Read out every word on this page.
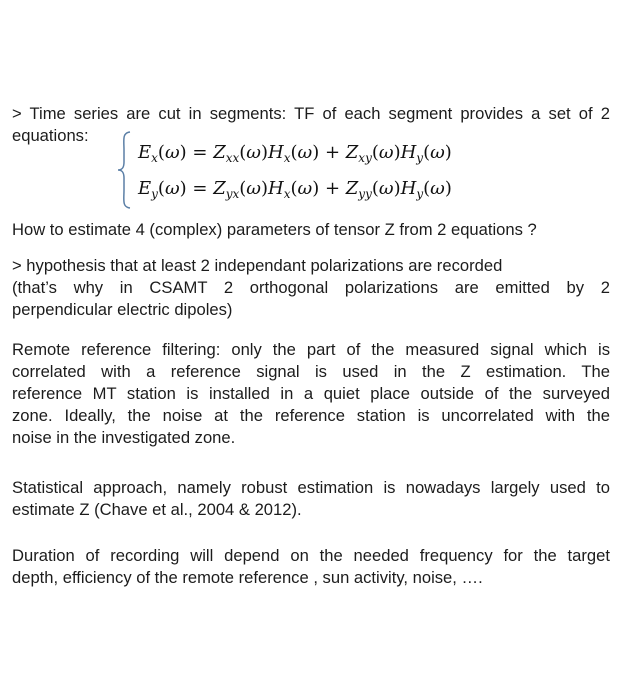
> Time series are cut in segments: TF of each segment provides a set of 2
equations:

$E_x(\omega) = Z_{xx}(\omega)H_x(\omega) + Z_{xy}(\omega)H_y(\omega)$
$E_y(\omega) = Z_{yx}(\omega)H_x(\omega) + Z_{yy}(\omega)H_y(\omega)$

How to estimate 4 (complex) parameters of tensor Z from 2 equations ?

> hypothesis that at least 2 independant polarizations are recorded
(that’s why in CSAMT 2 orthogonal polarizations are emitted by 2
perpendicular electric dipoles)

Remote reference filtering: only the part of the measured signal which is
correlated with a reference signal is used in the Z estimation. The
reference MT station is installed in a quiet place outside of the surveyed
zone. Ideally, the noise at the reference station is uncorrelated with the
noise in the investigated zone.

Statistical approach, namely robust estimation is nowadays largely used to
estimate Z (Chave et al., 2004 & 2012).

Duration of recording will depend on the needed frequency for the target
depth, efficiency of the remote reference , sun activity, noise, ….
